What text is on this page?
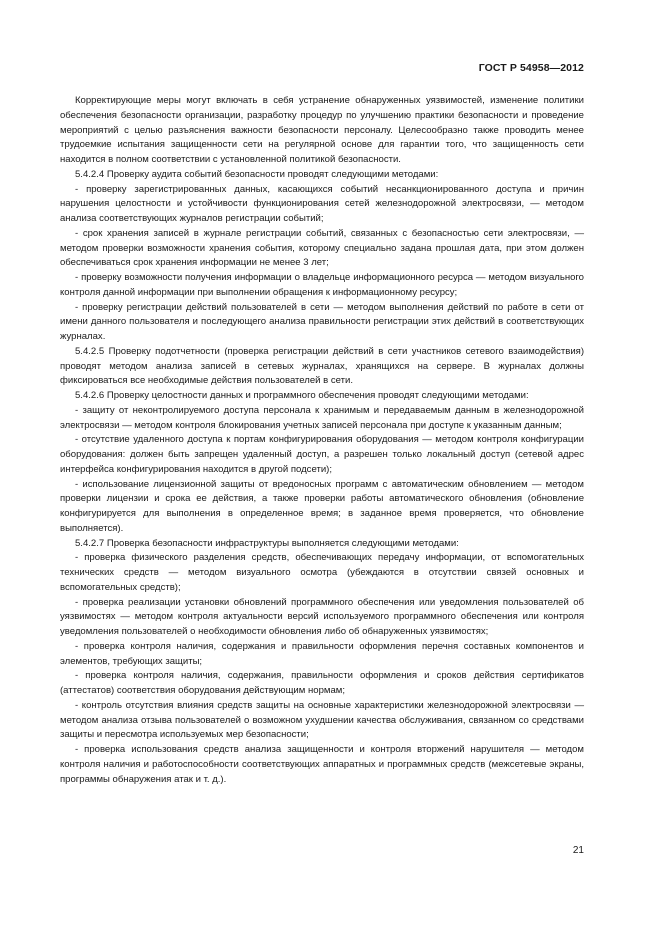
ГОСТ Р 54958—2012

Корректирующие меры могут включать в себя устранение обнаруженных уязвимостей, изменение политики обеспечения безопасности организации, разработку процедур по улучшению практики безопасности и проведение мероприятий с целью разъяснения важности безопасности персоналу. Целесообразно также проводить менее трудоемкие испытания защищенности сети на регулярной основе для гарантии того, что защищенность сети находится в полном соответствии с установленной политикой безопасности.

5.4.2.4 Проверку аудита событий безопасности проводят следующими методами:

- проверку зарегистрированных данных, касающихся событий несанкционированного доступа и причин нарушения целостности и устойчивости функционирования сетей железнодорожной электросвязи, — методом анализа соответствующих журналов регистрации событий;

- срок хранения записей в журнале регистрации событий, связанных с безопасностью сети электросвязи, — методом проверки возможности хранения события, которому специально задана прошлая дата, при этом должен обеспечиваться срок хранения информации не менее 3 лет;

- проверку возможности получения информации о владельце информационного ресурса — методом визуального контроля данной информации при выполнении обращения к информационному ресурсу;

- проверку регистрации действий пользователей в сети — методом выполнения действий по работе в сети от имени данного пользователя и последующего анализа правильности регистрации этих действий в соответствующих журналах.

5.4.2.5 Проверку подотчетности (проверка регистрации действий в сети участников сетевого взаимодействия) проводят методом анализа записей в сетевых журналах, хранящихся на сервере. В журналах должны фиксироваться все необходимые действия пользователей в сети.

5.4.2.6 Проверку целостности данных и программного обеспечения проводят следующими методами:

- защиту от неконтролируемого доступа персонала к хранимым и передаваемым данным в железнодорожной электросвязи — методом контроля блокирования учетных записей персонала при доступе к указанным данным;

- отсутствие удаленного доступа к портам конфигурирования оборудования — методом контроля конфигурации оборудования: должен быть запрещен удаленный доступ, а разрешен только локальный доступ (сетевой адрес интерфейса конфигурирования находится в другой подсети);

- использование лицензионной защиты от вредоносных программ с автоматическим обновлением — методом проверки лицензии и срока ее действия, а также проверки работы автоматического обновления (обновление конфигурируется для выполнения в определенное время; в заданное время проверяется, что обновление выполняется).

5.4.2.7 Проверка безопасности инфраструктуры выполняется следующими методами:

- проверка физического разделения средств, обеспечивающих передачу информации, от вспомогательных технических средств — методом визуального осмотра (убеждаются в отсутствии связей основных и вспомогательных средств);

- проверка реализации установки обновлений программного обеспечения или уведомления пользователей об уязвимостях — методом контроля актуальности версий используемого программного обеспечения или контроля уведомления пользователей о необходимости обновления либо об обнаруженных уязвимостях;

- проверка контроля наличия, содержания и правильности оформления перечня составных компонентов и элементов, требующих защиты;

- проверка контроля наличия, содержания, правильности оформления и сроков действия сертификатов (аттестатов) соответствия оборудования действующим нормам;

- контроль отсутствия влияния средств защиты на основные характеристики железнодорожной электросвязи — методом анализа отзыва пользователей о возможном ухудшении качества обслуживания, связанном со средствами защиты и пересмотра используемых мер безопасности;

- проверка использования средств анализа защищенности и контроля вторжений нарушителя — методом контроля наличия и работоспособности соответствующих аппаратных и программных средств (межсетевые экраны, программы обнаружения атак и т. д.).

21
